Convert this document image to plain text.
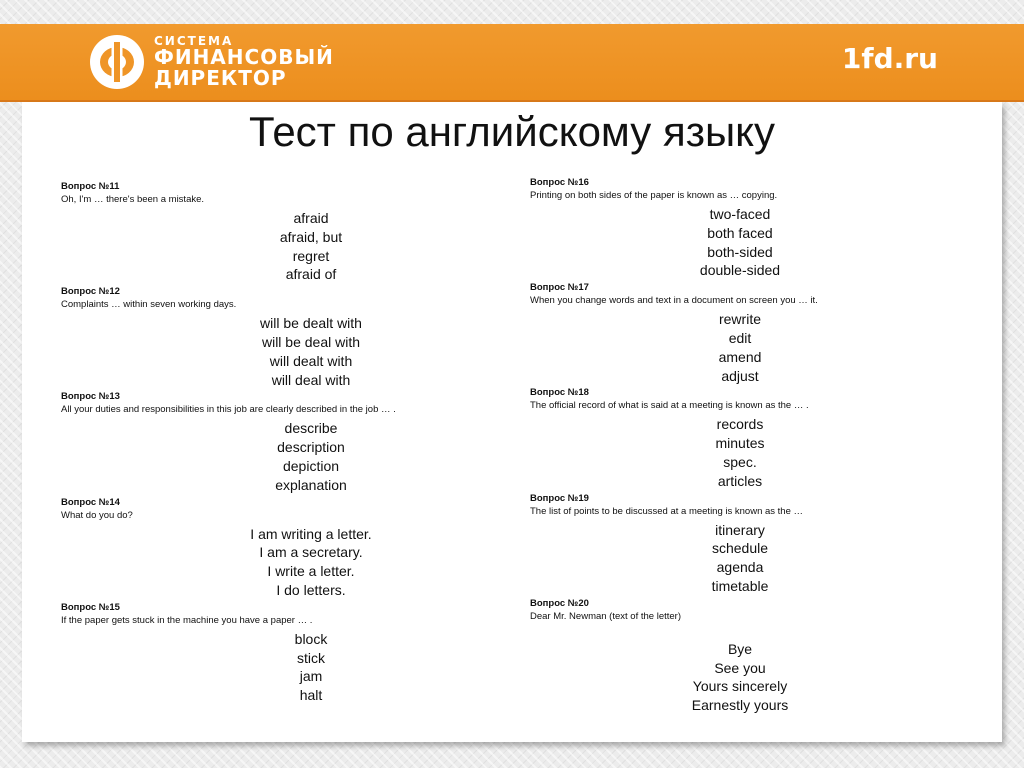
СИСТЕМА
ФИНАНСОВЫЙ
ДИРЕКТОР
1fd.ru
Тест по английскому языку
Вопрос №11
Oh, I'm … there's been a mistake.
afraid
afraid, but
regret
afraid of
Вопрос №12
Complaints … within seven working days.
will be dealt with
will be deal with
will dealt with
will deal with
Вопрос №13
All your duties and responsibilities in this job are clearly described in the job … .
describe
description
depiction
explanation
Вопрос №14
What do you do?
I am writing a letter.
I am a secretary.
I write a letter.
I do letters.
Вопрос №15
If the paper gets stuck in the machine you have a paper … .
block
stick
jam
halt
Вопрос №16
Printing on both sides of the paper is known as … copying.
two-faced
both faced
both-sided
double-sided
Вопрос №17
When you change words and text in a document on screen you … it.
rewrite
edit
amend
adjust
Вопрос №18
The official record of what is said at a meeting is known as the … .
records
minutes
spec.
articles
Вопрос №19
The list of points to be discussed at a meeting is known as the …
itinerary
schedule
agenda
timetable
Вопрос №20
Dear Mr. Newman (text of the letter)
Bye
See you
Yours sincerely
Earnestly yours
